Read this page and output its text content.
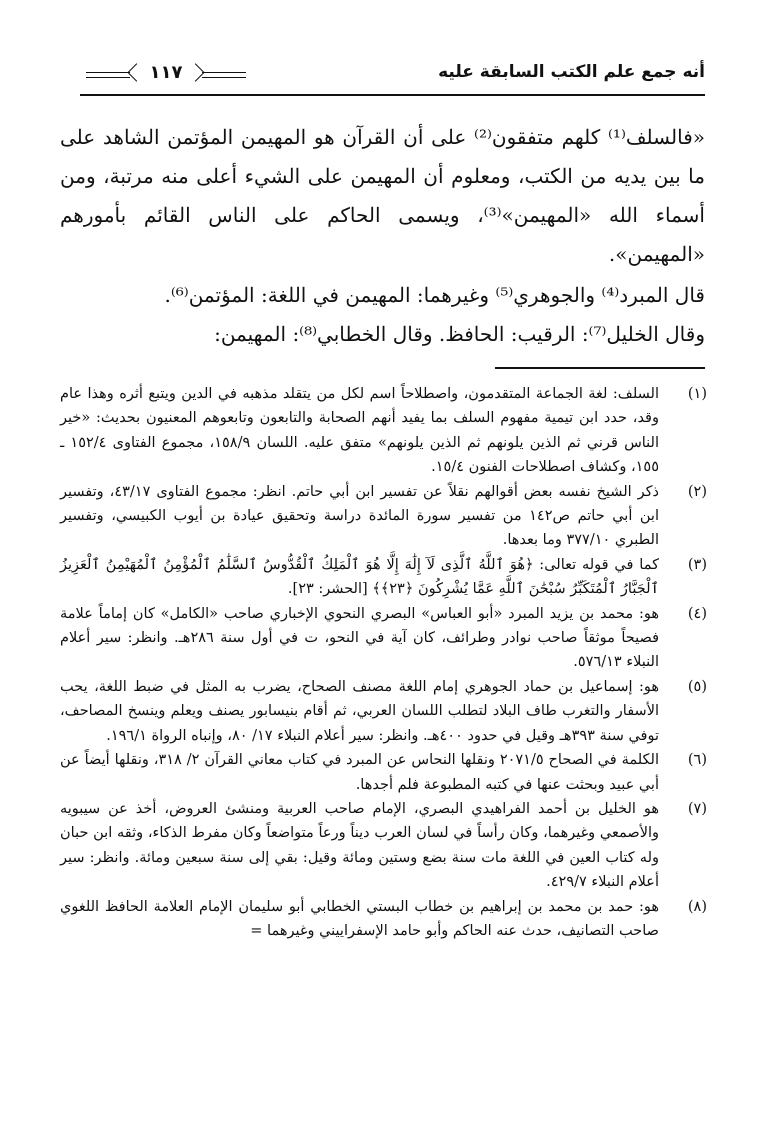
أنه جمع علم الكتب السابقة عليه
١١٧

«فالسلف⁽¹⁾ كلهم متفقون⁽²⁾ على أن القرآن هو المهيمن المؤتمن الشاهد على ما بين يديه من الكتب، ومعلوم أن المهيمن على الشيء أعلى منه مرتبة، ومن أسماء الله «المهيمن»⁽³⁾، ويسمى الحاكم على الناس القائم بأمورهم «المهيمن».

قال المبرد⁽⁴⁾ والجوهري⁽⁵⁾ وغيرهما: المهيمن في اللغة: المؤتمن⁽⁶⁾.

وقال الخليل⁽⁷⁾: الرقيب: الحافظ. وقال الخطابي⁽⁸⁾: المهيمن:

(١)
السلف: لغة الجماعة المتقدمون، واصطلاحاً اسم لكل من يتقلد مذهبه في الدين ويتبع أثره وهذا عام وقد، حدد ابن تيمية مفهوم السلف بما يفيد أنهم الصحابة والتابعون وتابعوهم المعنيون بحديث: «خير الناس قرني ثم الذين يلونهم ثم الذين يلونهم» متفق عليه. اللسان ١٥٨/٩، مجموع الفتاوى ١٥٢/٤ ـ ١٥٥، وكشاف اصطلاحات الفنون ١٥/٤.
(٢)
ذكر الشيخ نفسه بعض أقوالهم نقلاً عن تفسير ابن أبي حاتم. انظر: مجموع الفتاوى ٤٣/١٧، وتفسير ابن أبي حاتم ص١٤٢ من تفسير سورة المائدة دراسة وتحقيق عيادة بن أيوب الكبيسي، وتفسير الطبري ٣٧٧/١٠ وما بعدها.
(٣)
كما في قوله تعالى: ﴿هُوَ ٱللَّهُ ٱلَّذِى لَآ إِلَٰهَ إِلَّا هُوَ ٱلْمَلِكُ ٱلْقُدُّوسُ ٱلسَّلَٰمُ ٱلْمُؤْمِنُ ٱلْمُهَيْمِنُ ٱلْعَزِيزُ ٱلْجَبَّارُ ٱلْمُتَكَبِّرُ سُبْحَٰنَ ٱللَّهِ عَمَّا يُشْرِكُونَ ﴿٢٣﴾﴾ [الحشر: ٢٣].
(٤)
هو: محمد بن يزيد المبرد «أبو العباس» البصري النحوي الإخباري صاحب «الكامل» كان إماماً علامة فصيحاً موثقاً صاحب نوادر وطرائف، كان آية في النحو، ت في أول سنة ٢٨٦هـ. وانظر: سير أعلام النبلاء ٥٧٦/١٣.
(٥)
هو: إسماعيل بن حماد الجوهري إمام اللغة مصنف الصحاح، يضرب به المثل في ضبط اللغة، يحب الأسفار والتغرب طاف البلاد لتطلب اللسان العربي، ثم أقام بنيسابور يصنف ويعلم وينسخ المصاحف، توفي سنة ٣٩٣هـ وقيل في حدود ٤٠٠هـ. وانظر: سير أعلام النبلاء ١٧/ ٨٠، وإنباه الرواة ١٩٦/١.
(٦)
الكلمة في الصحاح ٢٠٧١/٥ ونقلها النحاس عن المبرد في كتاب معاني القرآن ٢/ ٣١٨، ونقلها أيضاً عن أبي عبيد وبحثت عنها في كتبه المطبوعة فلم أجدها.
(٧)
هو الخليل بن أحمد الفراهيدي البصري، الإمام صاحب العربية ومنشئ العروض، أخذ عن سيبويه والأصمعي وغيرهما، وكان رأساً في لسان العرب ديناً ورعاً متواضعاً وكان مفرط الذكاء، وثقه ابن حبان وله كتاب العين في اللغة مات سنة بضع وستين ومائة وقيل: بقي إلى سنة سبعين ومائة. وانظر: سير أعلام النبلاء ٤٢٩/٧.
(٨)
هو: حمد بن محمد بن إبراهيم بن خطاب البستي الخطابي أبو سليمان الإمام العلامة الحافظ اللغوي صاحب التصانيف، حدث عنه الحاكم وأبو حامد الإسفراييني وغيرهما =
